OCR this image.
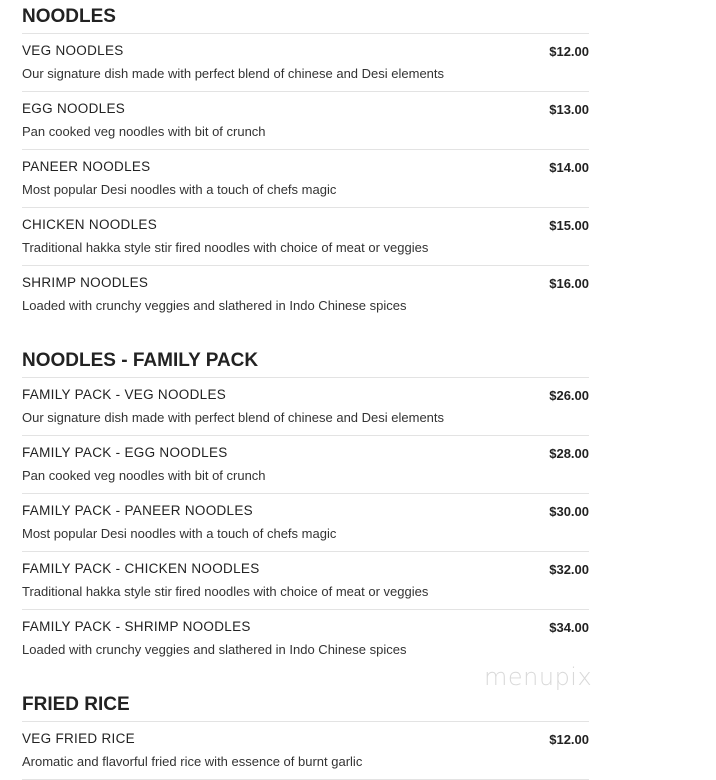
NOODLES
VEG NOODLES	$12.00
Our signature dish made with perfect blend of chinese and Desi elements
EGG NOODLES	$13.00
Pan cooked veg noodles with bit of crunch
PANEER NOODLES	$14.00
Most popular Desi noodles with a touch of chefs magic
CHICKEN NOODLES	$15.00
Traditional hakka style stir fired noodles with choice of meat or veggies
SHRIMP NOODLES	$16.00
Loaded with crunchy veggies and slathered in Indo Chinese spices
NOODLES - FAMILY PACK
FAMILY PACK - VEG NOODLES	$26.00
Our signature dish made with perfect blend of chinese and Desi elements
FAMILY PACK - EGG NOODLES	$28.00
Pan cooked veg noodles with bit of crunch
FAMILY PACK - PANEER NOODLES	$30.00
Most popular Desi noodles with a touch of chefs magic
FAMILY PACK - CHICKEN NOODLES	$32.00
Traditional hakka style stir fired noodles with choice of meat or veggies
FAMILY PACK - SHRIMP NOODLES	$34.00
Loaded with crunchy veggies and slathered in Indo Chinese spices
FRIED RICE
VEG FRIED RICE	$12.00
Aromatic and flavorful fried rice with essence of burnt garlic
menupix
